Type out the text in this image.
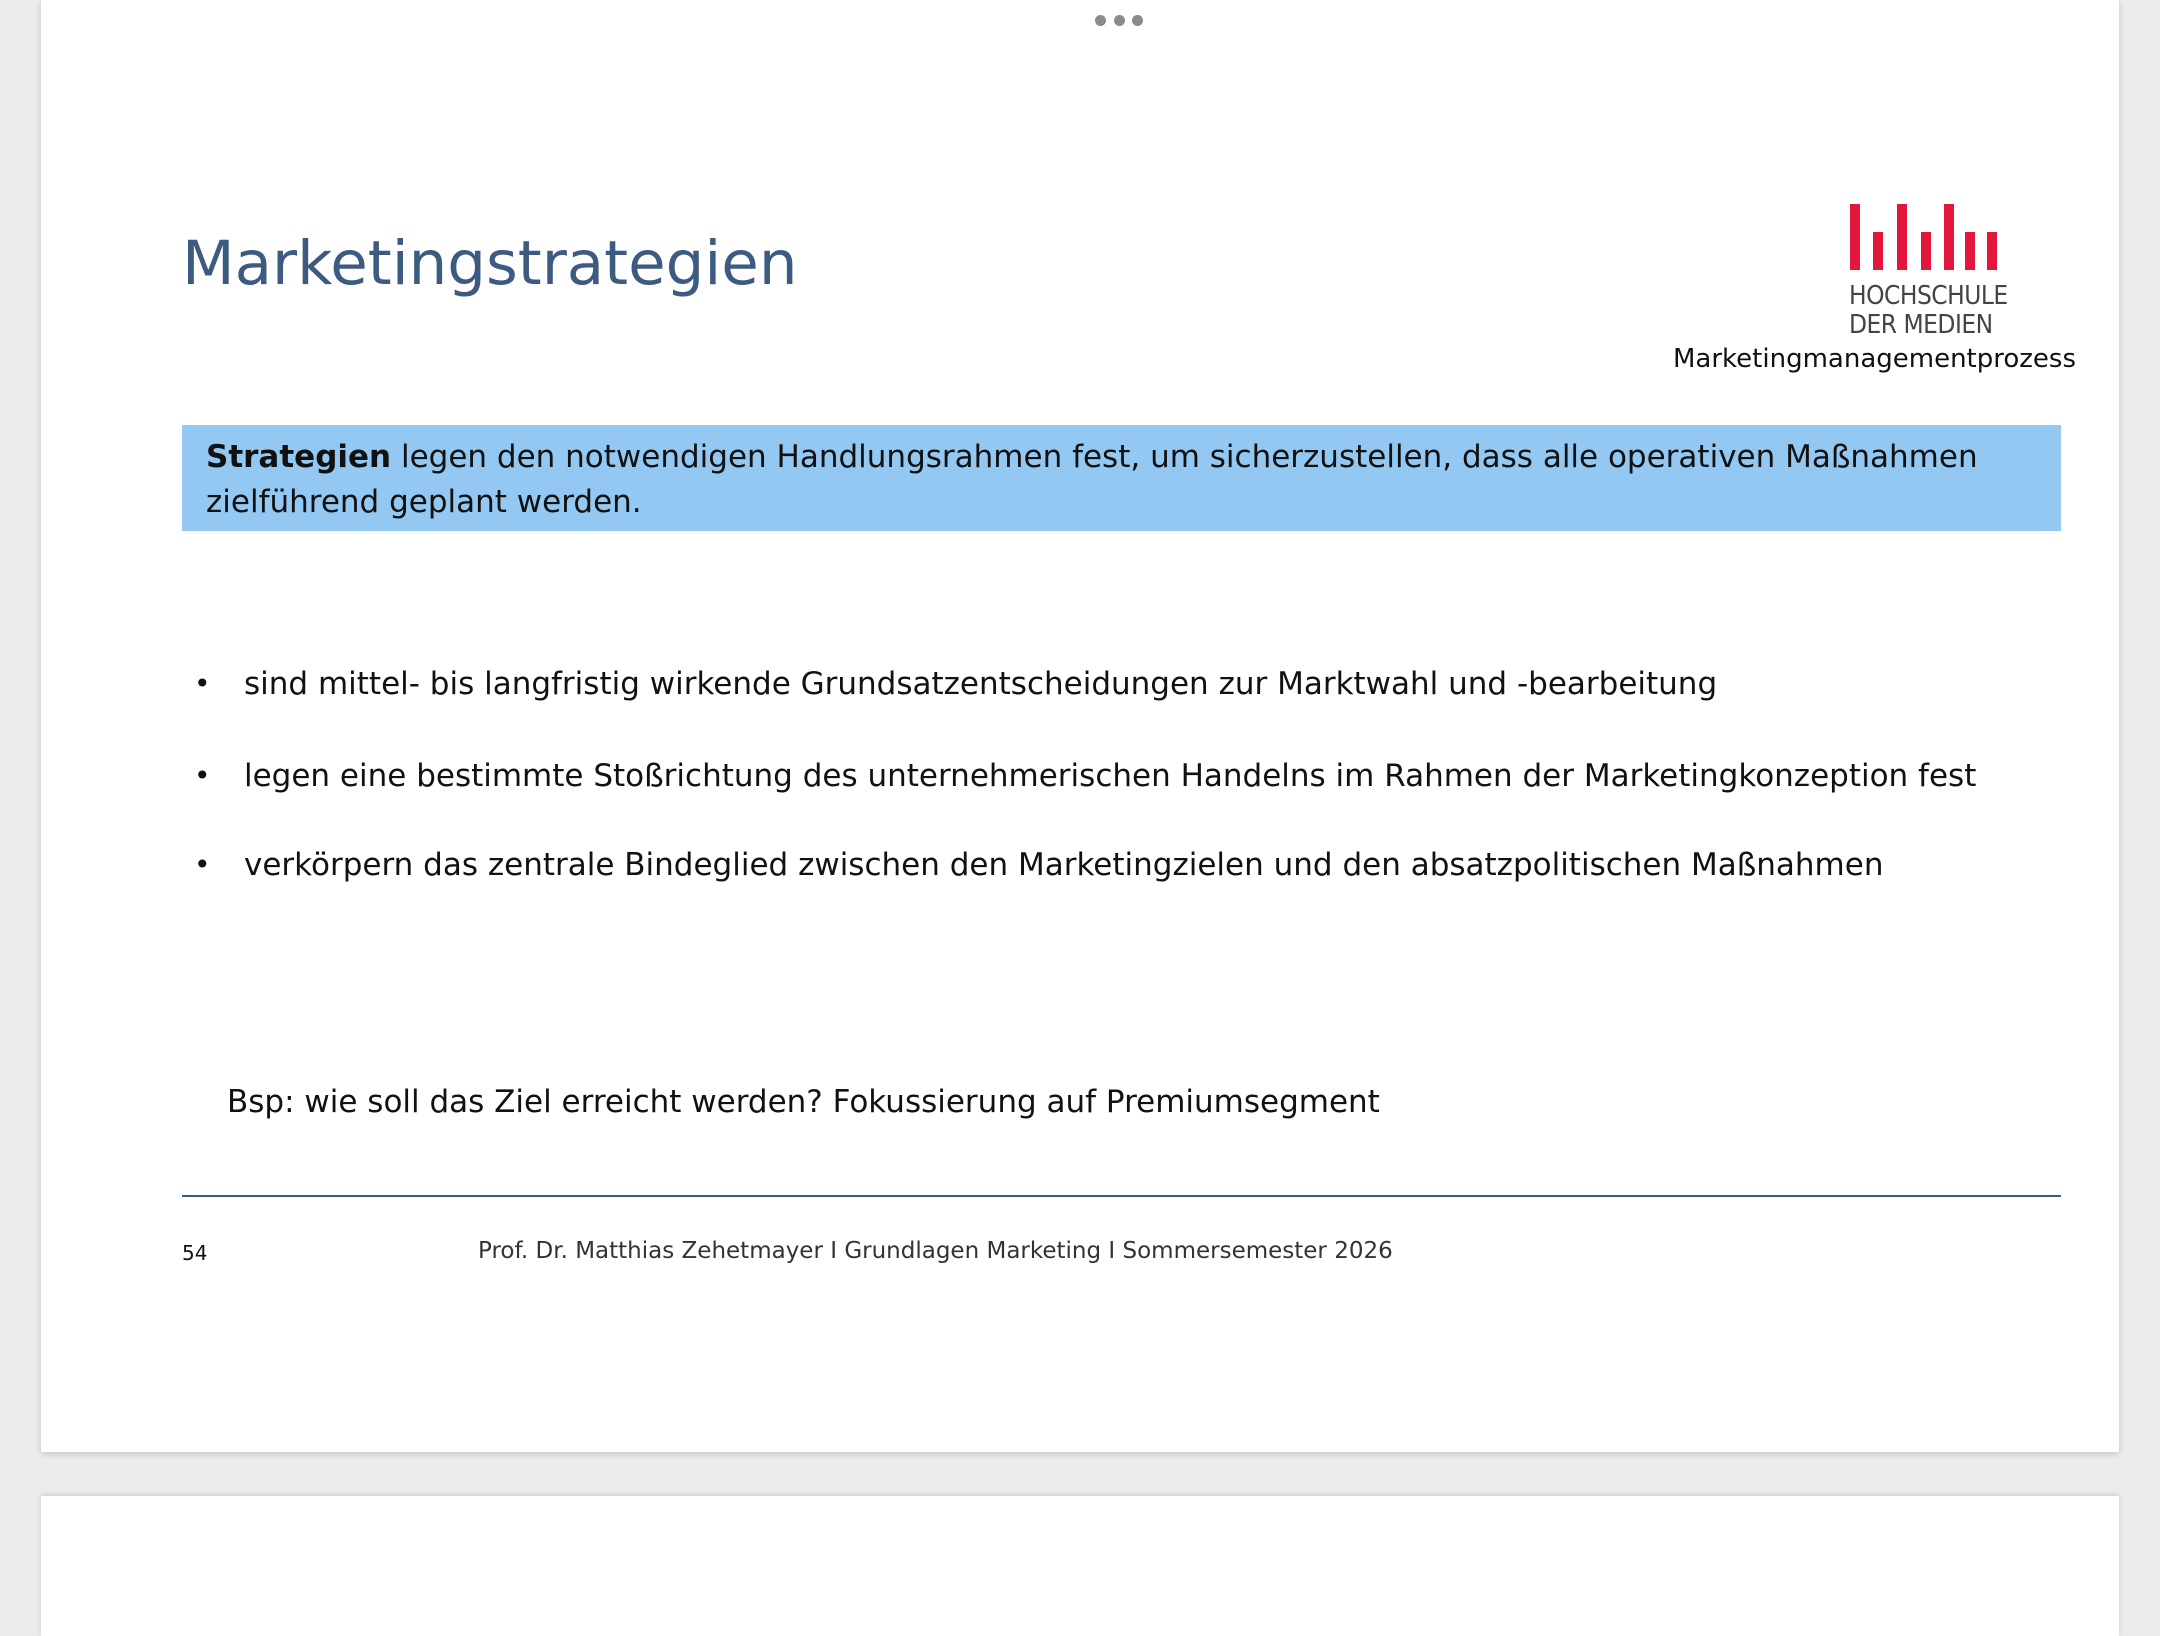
Marketingstrategien	HOCHSCHULE
DER MEDIEN
Marketingmanagementprozess
Strategien legen den notwendigen Handlungsrahmen fest, um sicherzustellen, dass alle operativen Maßnahmen zielführend geplant werden.
• sind mittel- bis langfristig wirkende Grundsatzentscheidungen zur Marktwahl und -bearbeitung
• legen eine bestimmte Stoßrichtung des unternehmerischen Handelns im Rahmen der Marketingkonzeption fest
• verkörpern das zentrale Bindeglied zwischen den Marketingzielen und den absatzpolitischen Maßnahmen
Bsp: wie soll das Ziel erreicht werden? Fokussierung auf Premiumsegment
54	Prof. Dr. Matthias Zehetmayer I Grundlagen Marketing I Sommersemester 2026
